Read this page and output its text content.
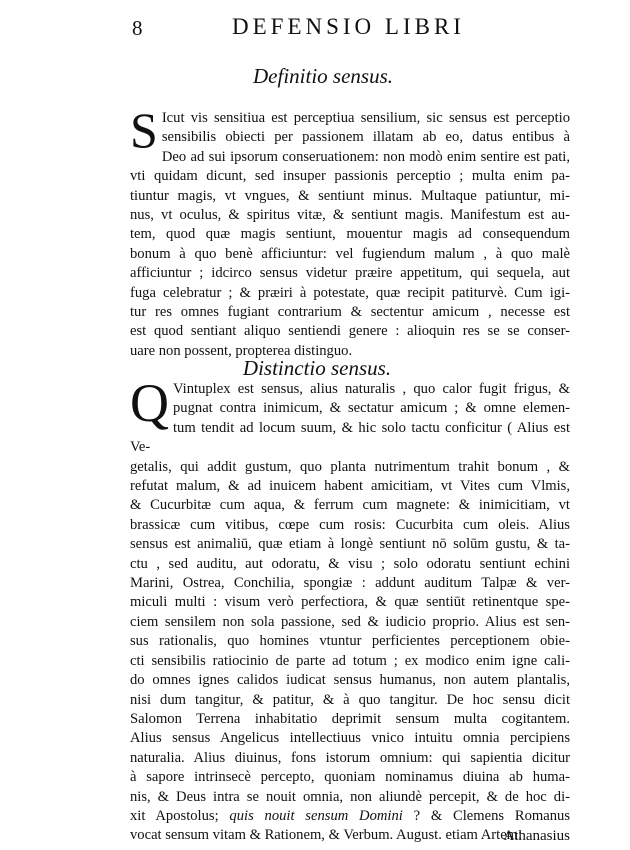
8	DEFENSIO LIBRI
Definitio sensus.
S Icut vis sensitiua est perceptiua sensilium, sic sensus est perceptio

sensibilis obiecti per passionem illatam ab eo, datus entibus à

Deo ad sui ipsorum conseruationem: non modò enim sentire est pati,

vti quidam dicunt, sed insuper passionis perceptio ; multa enim pa-

tiuntur magis, vt vngues, & sentiunt minus. Multaque patiuntur, mi-

nus, vt oculus, & spiritus vitæ, & sentiunt magis. Manifestum est au-

tem, quod quæ magis sentiunt, mouentur magis ad consequendum

bonum à quo benè afficiuntur: vel fugiendum malum , à quo malè

afficiuntur ; idcirco sensus videtur præire appetitum, qui sequela, aut

fuga celebratur ; & præiri à potestate, quæ recipit patiturvè. Cum igi-

tur res omnes fugiant contrarium & sectentur amicum , necesse est

est quod sentiant aliquo sentiendi genere : alioquin res se se conser-

uare non possent, propterea distinguo.

Distinctio sensus.
Q Vintuplex est sensus, alius naturalis , quo calor fugit frigus, &

pugnat contra inimicum, & sectatur amicum ; & omne elemen-

tum tendit ad locum suum, & hic solo tactu conficitur ( Alius est Ve-

getalis, qui addit gustum, quo planta nutrimentum trahit bonum , &

refutat malum, & ad inuicem habent amicitiam, vt Vites cum Vlmis,

& Cucurbitæ cum aqua, & ferrum cum magnete: & inimicitiam, vt

brassicæ cum vitibus, cœpe cum rosis: Cucurbita cum oleis. Alius

sensus est animaliū, quæ etiam à longè sentiunt nō solūm gustu, & ta-

ctu , sed auditu, aut odoratu, & visu ; solo odoratu sentiunt echini

Marini, Ostrea, Conchilia, spongiæ : addunt auditum Talpæ & ver-

miculi multi : visum verò perfectiora, & quæ sentiūt retinentque spe-

ciem sensilem non sola passione, sed & iudicio proprio. Alius est sen-

sus rationalis, quo homines vtuntur perficientes perceptionem obie-

cti sensibilis ratiocinio de parte ad totum ; ex modico enim igne cali-

do omnes ignes calidos iudicat sensus humanus, non autem plantalis,

nisi dum tangitur, & patitur, & à quo tangitur. De hoc sensu dicit

Salomon Terrena inhabitatio deprimit sensum multa cogitantem.

Alius sensus Angelicus intellectiuus vnico intuitu omnia percipiens

naturalia. Alius diuinus, fons istorum omnium: qui sapientia dicitur

à sapore intrinsecè percepto, quoniam nominamus diuina ab huma-

nis, & Deus intra se nouit omnia, non aliundè percepit, & de hoc di-

xit Apostolus; quis nouit sensum Domini ? & Clemens Romanus

vocat sensum vitam & Rationem, & Verbum. August. etiam Artem:

Athanasius
